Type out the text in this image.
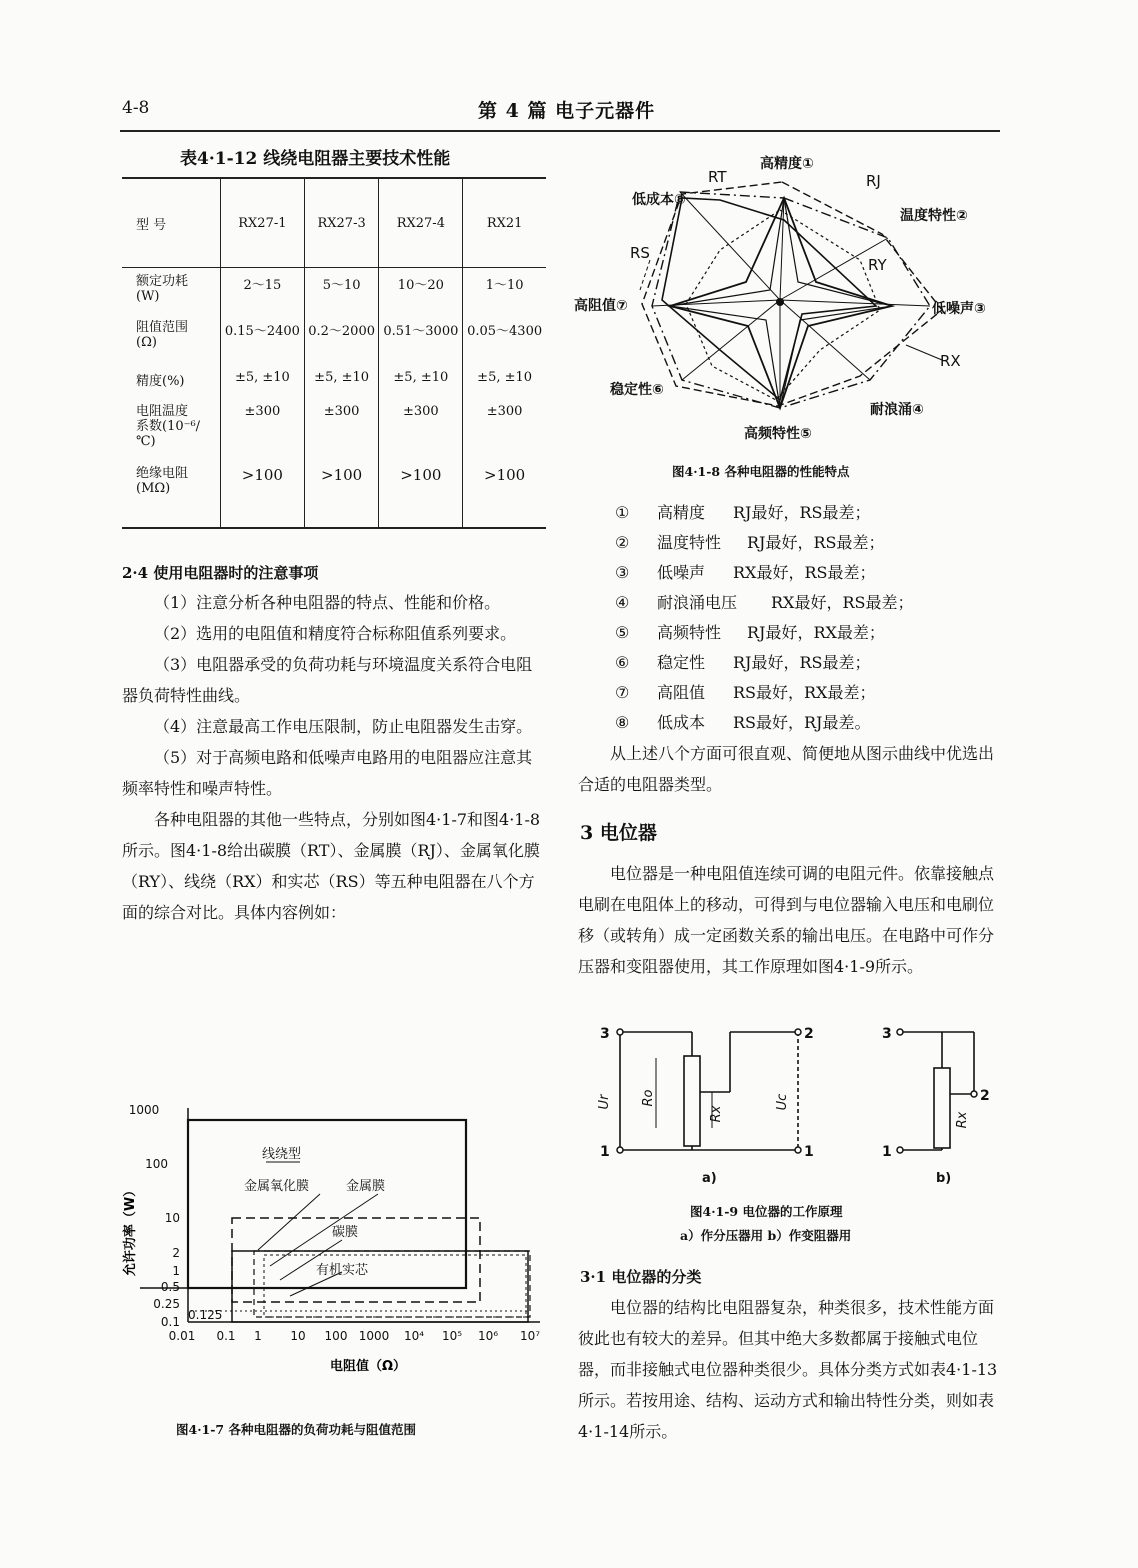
4-8	第 4 篇 电子元器件
表4·1-12 线绕电阻器主要技术性能
型 号	RX27-1	RX27-3	RX27-4	RX21
额定功耗
(W)	2～15	5～10	10～20	1～10
阻值范围
(Ω)	0.15～2400	0.2～2000	0.51～3000	0.05～4300
精度(%)	±5, ±10	±5, ±10	±5, ±10	±5, ±10
电阻温度
系数(10⁻⁶/
℃)	±300	±300	±300	±300
绝缘电阻
(MΩ)	>100	>100	>100	>100
2·4 使用电阻器时的注意事项
（1）注意分析各种电阻器的特点、性能和价格。
（2）选用的电阻值和精度符合标称阻值系列要求。
（3）电阻器承受的负荷功耗与环境温度关系符合电阻器负荷特性曲线。
（4）注意最高工作电压限制，防止电阻器发生击穿。
（5）对于高频电路和低噪声电路用的电阻器应注意其频率特性和噪声特性。
各种电阻器的其他一些特点，分别如图4·1-7和图4·1-8所示。图4·1-8给出碳膜（RT）、金属膜（RJ）、金属氧化膜（RY）、线绕（RX）和实芯（RS）等五种电阻器在八个方面的综合对比。具体内容例如：
1000
100
10
2
1
0.5
0.25
0.1 0.125
允许功率（W）
线绕型
金属氧化膜	金属膜
碳膜
有机实芯
0.01 0.1 1 10 100 1000 10⁴ 10⁵ 10⁶ 10⁷
电阻值（Ω）
图4·1-7 各种电阻器的负荷功耗与阻值范围
高精度①
温度特性②
低噪声③
耐浪涌④
高频特性⑤
稳定性⑥
高阻值⑦
低成本⑧
RT	RJ
RY
RX
RS
图4·1-8 各种电阻器的性能特点
① 高精度 RJ最好，RS最差；
② 温度特性 RJ最好，RS最差；
③ 低噪声 RX最好，RS最差；
④ 耐浪涌电压 RX最好，RS最差；
⑤ 高频特性 RJ最好，RX最差；
⑥ 稳定性 RJ最好，RS最差；
⑦ 高阻值 RS最好，RX最差；
⑧ 低成本 RS最好，RJ最差。
从上述八个方面可很直观、简便地从图示曲线中优选出合适的电阻器类型。
3 电位器
电位器是一种电阻值连续可调的电阻元件。依靠接触点电刷在电阻体上的移动，可得到与电位器输入电压和电刷位移（或转角）成一定函数关系的输出电压。在电路中可作分压器和变阻器使用，其工作原理如图4·1-9所示。
3
1
2
1
3
1
2
Ur Ro
Rx
Uc
Rx
a)	b)
图4·1-9 电位器的工作原理
a）作分压器用 b）作变阻器用
3·1 电位器的分类
电位器的结构比电阻器复杂，种类很多，技术性能方面彼此也有较大的差异。但其中绝大多数都属于接触式电位器，而非接触式电位器种类很少。具体分类方式如表4·1-13所示。若按用途、结构、运动方式和输出特性分类，则如表4·1-14所示。
